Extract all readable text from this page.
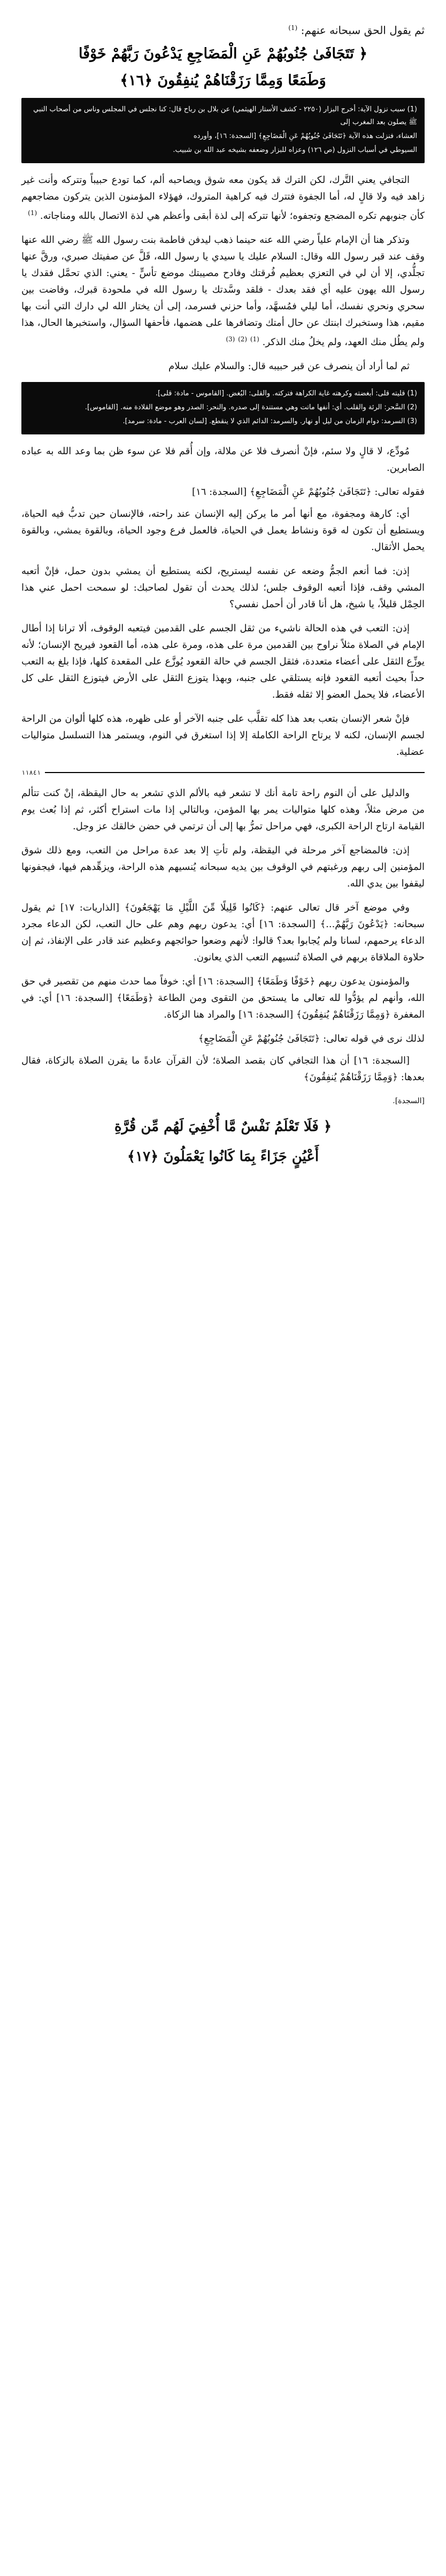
ثم يقول الحق سبحانه عنهم: $^{(1)}$

﴿ تَتَجَافَىٰ جُنُوبُهُمْ عَنِ الْمَضَاجِعِ يَدْعُونَ رَبَّهُمْ خَوْفًا

وَطَمَعًا وَمِمَّا رَزَقْنَاهُمْ يُنفِقُونَ ﴿١٦﴾

(1) سبب نزول الآية: أخرج البزار (٢٢٥٠ - كشف الأستار الهيثمي) عن بلال بن رباح قال: كنا نجلس في المجلس وناس من أصحاب النبي ﷺ يصلون بعد المغرب إلى

العشاء، فنزلت هذه الآية ﴿تَتَجَافَىٰ جُنُوبُهُمْ عَنِ الْمَضَاجِعِ﴾ [السجدة: ١٦]، وأورده

السيوطي في أسباب النزول (ص ١٢٦) وعزاه للبزار وضعفه بشيخه عبد الله بن شبيب.

التجافي يعني التَّرك، لكن الترك قد يكون معه شوق ويصاحبه ألم، كما تودع حبيباً وتتركه وأنت غير زاهد فيه ولا قالٍ له، أما الجفوة فتترك فيه كراهية المتروك، فهؤلاء المؤمنون الذين يتركون مضاجعهم كأن جنوبهم تكره المضجع وتجفوه؛ لأنها تتركه إلى لذة أبقى وأعظم هي لذة الاتصال بالله ومناجاته. $^{(1)}$

وتذكر هنا أن الإمام علياً رضي الله عنه حينما ذهب ليدفن فاطمة بنت رسول الله ﷺ رضي الله عنها وقف عند قبر رسول الله وقال: السلام عليك يا سيدي يا رسول الله، قَلَّ عن صفيتك صبري، ورقَّ عنها تجلُّدي، إلا أن لي في التعزي بعظيم فُرقتك وفادح مصيبتك موضع تأسٍّ - يعني: الذي تحمَّل فقدك يا رسول الله يهون عليه أي فقد بعدك - فلقد وسَّدتك يا رسول الله في ملحودة قبرك، وفاضت بين سحري ونحري نفسك، أما ليلي فمُسهَّد، وأما حزني فسرمد، إلى أن يختار الله لي دارك التي أنت بها مقيم، هذا وستخبرك ابنتك عن حال أمتك وتضافرها على هضمها، فأحفها السؤال، واستخبرها الحال، هذا ولم يطُل منك العهد، ولم يخلُ منك الذكر. $^{(1)}$ $^{(2)}$ $^{(3)}$

ثم لما أراد أن ينصرف عن قبر حبيبه قال: والسلام عليك سلام

(1) قليته قلى: أبغضته وكرهته غاية الكراهة فتركته. والقلى: البُغض. [القاموس - مادة: قلى].

(2) السَّحر: الرئة والقلب. أي: أنفها ماتت وهي مستندة إلى صدره. والنحر: الصدر وهو موضع القلادة منه. [القاموس].

(3) السرمد: دوام الزمان من ليل أو نهار. والسرمد: الدائم الذي لا ينقطع. [لسان العرب - مادة: سرمد].

مُودِّع، لا قالٍ ولا سئم، فإنْ أنصرف فلا عن ملالة، وإن أُقم فلا عن سوء ظن بما وعد الله به عباده الصابرين.

فقوله تعالى: ﴿تَتَجَافَىٰ جُنُوبُهُمْ عَنِ الْمَضَاجِعِ﴾ [السجدة: ١٦]

أي: كارهة ومجفوة، مع أنها أمر ما يركن إليه الإنسان عند راحته، فالإنسان حين تدبُّ فيه الحياة، ويستطيع أن تكون له قوة ونشاط يعمل في الحياة، فالعمل فرع وجود الحياة، وبالقوة يمشي، وبالقوة يحمل الأثقال.

إذن: فما أنعم الجمُّ وضعه عن نفسه ليستريح، لكنه يستطيع أن يمشي بدون حمل، فإنْ أتعبه المشي وقف، فإذا أتعبه الوقوف جلس؛ لذلك يحدث أن تقول لصاحبك: لو سمحت احمل عني هذا الحِمْل قليلاً، يا شيخ، هل أنا قادر أن أحمل نفسي؟

إذن: التعب في هذه الحالة ناشيء من ثقل الجسم على القدمين فيتعبه الوقوف، ألا ترانا إذا أطال الإمام في الصلاة مثلاً نراوح بين القدمين مرة على هذه، ومرة على هذه، أما القعود فيريح الإنسان؛ لأنه يوزِّع الثقل على أعضاء متعددة، فثقل الجسم في حالة القعود يُوزَّع على المقعدة كلها، فإذا بلغ به التعب حداً بحيث أتعبه القعود فإنه يستلقي على جنبه، وبهذا يتوزع الثقل على الأرض فيتوزع الثقل على كل الأعضاء، فلا يحمل العضو إلا ثقله فقط.

فإنْ شعر الإنسان بتعب بعد هذا كله تقلَّب على جنبه الآخر أو على ظهره، هذه كلها ألوان من الراحة لجسم الإنسان، لكنه لا يرتاح الراحة الكاملة إلا إذا استغرق في النوم، ويستمر هذا التسلسل متواليات عضلية.

١١٨٤١

والدليل على أن النوم راحة تامة أنك لا تشعر فيه بالألم الذي تشعر به حال اليقظة، إنْ كنت تتألم من مرض مثلاً، وهذه كلها متواليات يمر بها المؤمن، وبالتالي إذا مات استراح أكثر، ثم إذا بُعث يوم القيامة ارتاح الراحة الكبرى، فهي مراحل تمرُّ بها إلى أن ترتمي في حضن خالقك عز وجل.

إذن: فالمضاجع آخر مرحلة في اليقظة، ولم تأتِ إلا بعد عدة مراحل من التعب، ومع ذلك شوق المؤمنين إلى ربهم ورغبتهم في الوقوف بين يديه سبحانه يُنسيهم هذه الراحة، ويزهِّدهم فيها، فيجفونها ليقفوا بين يدي الله.

وفي موضع آخر قال تعالى عنهم: ﴿كَانُوا قَلِيلًا مِّنَ اللَّيْلِ مَا يَهْجَعُونَ﴾ [الذاريات: ١٧] ثم يقول سبحانه: ﴿يَدْعُونَ رَبَّهُمْ...﴾ [السجدة: ١٦] أي: يدعون ربهم وهم على حال التعب، لكن الدعاء مجرد الدعاء يرحمهم، لسانا ولم يُجابوا بعد؟ قالوا: لأنهم وضعوا حوائجهم وعظيم عند قادر على الإنفاذ، ثم إن حلاوة الملاقاة بربهم في الصلاة تُنسيهم التعب الذي يعانون.

والمؤمنون يدعون ربهم ﴿خَوْفًا وَطَمَعًا﴾ [السجدة: ١٦] أي: خوفاً مما حدث منهم من تقصير في حق الله، وأنهم لم يؤدُّوا لله تعالى ما يستحق من التقوى ومن الطاعة ﴿وَطَمَعًا﴾ [السجدة: ١٦] أي: في المغفرة ﴿وَمِمَّا رَزَقْنَاهُمْ يُنفِقُونَ﴾ [السجدة: ١٦] والمراد هنا الزكاة.

لذلك نرى في قوله تعالى: ﴿تَتَجَافَىٰ جُنُوبُهُمْ عَنِ الْمَضَاجِعِ﴾

[السجدة: ١٦] أن هذا التجافي كان بقصد الصلاة؛ لأن القرآن عادةً ما يقرن الصلاة بالزكاة، فقال بعدها: ﴿وَمِمَّا رَزَقْنَاهُمْ يُنفِقُونَ﴾

[السجدة].

﴿ فَلَا تَعْلَمُ نَفْسٌ مَّا أُخْفِيَ لَهُم مِّن قُرَّةِ

أَعْيُنٍ جَزَاءً بِمَا كَانُوا يَعْمَلُونَ ﴿١٧﴾
